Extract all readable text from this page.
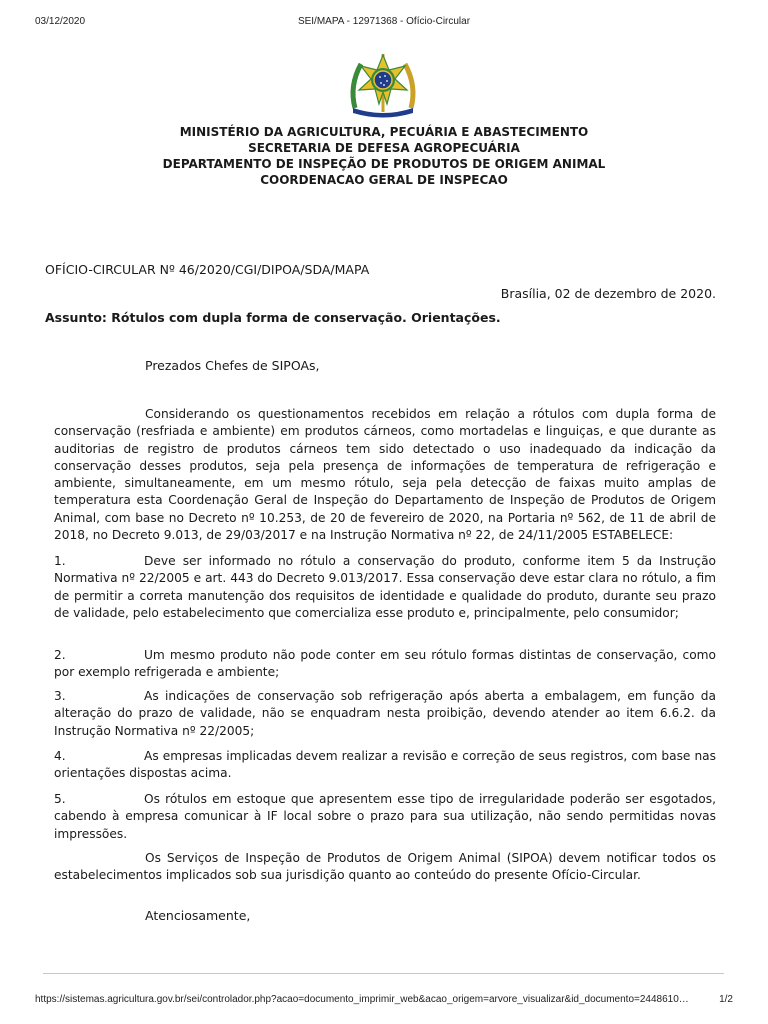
03/12/2020	SEI/MAPA - 12971368 - Ofício-Circular
MINISTÉRIO DA AGRICULTURA, PECUÁRIA E ABASTECIMENTO
SECRETARIA DE DEFESA AGROPECUÁRIA
DEPARTAMENTO DE INSPEÇÃO DE PRODUTOS DE ORIGEM ANIMAL
COORDENACAO GERAL DE INSPECAO
OFÍCIO-CIRCULAR Nº 46/2020/CGI/DIPOA/SDA/MAPA
Brasília, 02 de dezembro de 2020.
Assunto: Rótulos com dupla forma de conservação. Orientações.
Prezados Chefes de SIPOAs,
Considerando os questionamentos recebidos em relação a rótulos com dupla forma de conservação (resfriada e ambiente) em produtos cárneos, como mortadelas e linguiças, e que durante as auditorias de registro de produtos cárneos tem sido detectado o uso inadequado da indicação da conservação desses produtos, seja pela presença de informações de temperatura de refrigeração e ambiente, simultaneamente, em um mesmo rótulo, seja pela detecção de faixas muito amplas de temperatura esta Coordenação Geral de Inspeção do Departamento de Inspeção de Produtos de Origem Animal, com base no Decreto nº 10.253, de 20 de fevereiro de 2020, na Portaria nº 562, de 11 de abril de 2018, no Decreto 9.013, de 29/03/2017 e na Instrução Normativa nº 22, de 24/11/2005 ESTABELECE:
1.	Deve ser informado no rótulo a conservação do produto, conforme item 5 da Instrução Normativa nº 22/2005 e art. 443 do Decreto 9.013/2017. Essa conservação deve estar clara no rótulo, a fim de permitir a correta manutenção dos requisitos de identidade e qualidade do produto, durante seu prazo de validade, pelo estabelecimento que comercializa esse produto e, principalmente, pelo consumidor;
2.	Um mesmo produto não pode conter em seu rótulo formas distintas de conservação, como por exemplo refrigerada e ambiente;
3.	As indicações de conservação sob refrigeração após aberta a embalagem, em função da alteração do prazo de validade, não se enquadram nesta proibição, devendo atender ao item 6.6.2. da Instrução Normativa nº 22/2005;
4.	As empresas implicadas devem realizar a revisão e correção de seus registros, com base nas orientações dispostas acima.
5.	Os rótulos em estoque que apresentem esse tipo de irregularidade poderão ser esgotados, cabendo à empresa comunicar à IF local sobre o prazo para sua utilização, não sendo permitidas novas impressões.
Os Serviços de Inspeção de Produtos de Origem Animal (SIPOA) devem notificar todos os estabelecimentos implicados sob sua jurisdição quanto ao conteúdo do presente Ofício-Circular.
Atenciosamente,
https://sistemas.agricultura.gov.br/sei/controlador.php?acao=documento_imprimir_web&acao_origem=arvore_visualizar&id_documento=2448610…	1/2
